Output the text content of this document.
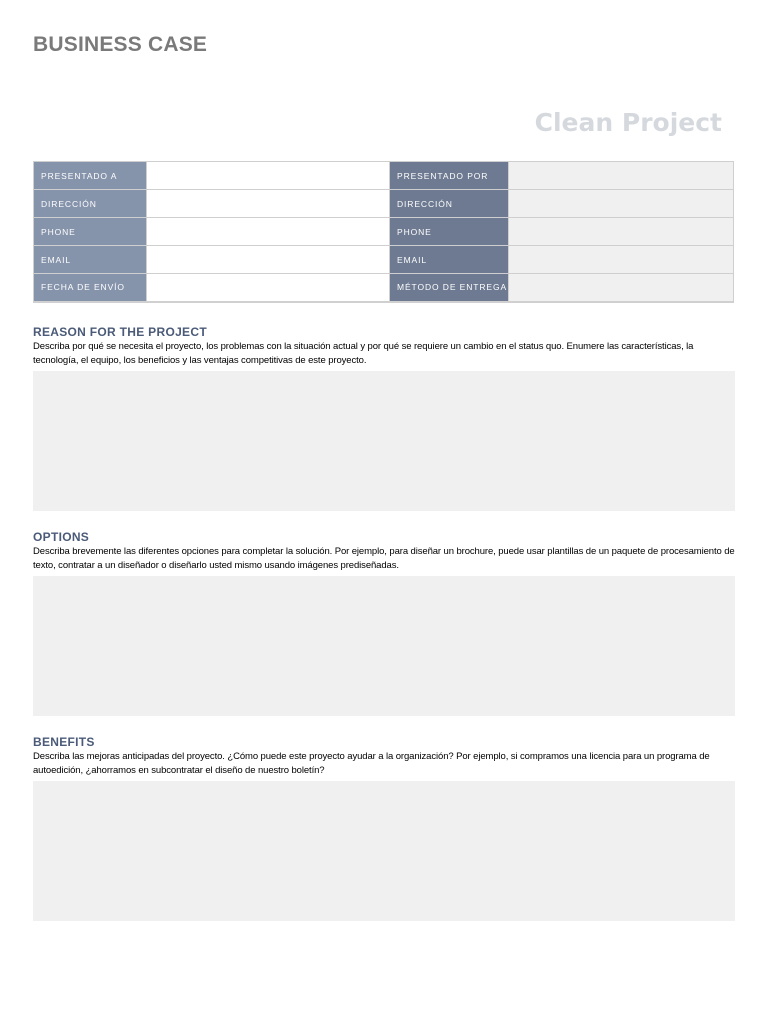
BUSINESS CASE
Clean Project
PRESENTADO A		PRESENTADO POR	
DIRECCIÓN		DIRECCIÓN	
PHONE		PHONE	
EMAIL		EMAIL	
FECHA DE ENVÍO		MÉTODO DE ENTREGA	
REASON FOR THE PROJECT

Describa por qué se necesita el proyecto, los problemas con la situación actual y por qué se requiere un cambio en el status quo. Enumere las características, la tecnología, el equipo, los beneficios y las ventajas competitivas de este proyecto.

OPTIONS

Describa brevemente las diferentes opciones para completar la solución. Por ejemplo, para diseñar un brochure, puede usar plantillas de un paquete de procesamiento de texto, contratar a un diseñador o diseñarlo usted mismo usando imágenes prediseñadas.

BENEFITS

Describa las mejoras anticipadas del proyecto. ¿Cómo puede este proyecto ayudar a la organización? Por ejemplo, si compramos una licencia para un programa de autoedición, ¿ahorramos en subcontratar el diseño de nuestro boletín?
